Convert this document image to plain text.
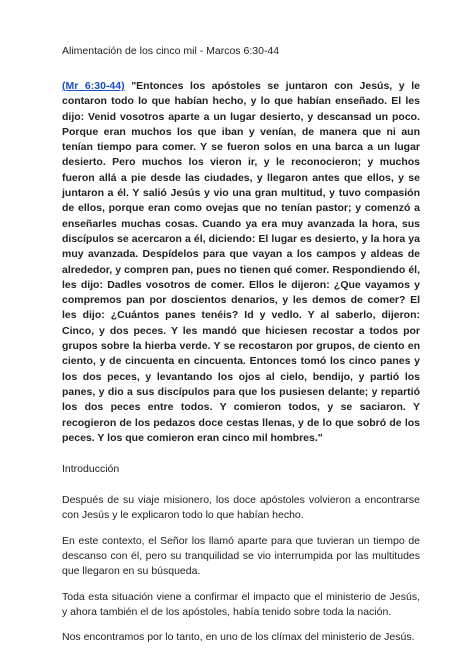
Alimentación de los cinco mil - Marcos 6:30-44

(Mr 6:30-44) "Entonces los apóstoles se juntaron con Jesús, y le contaron todo lo que habían hecho, y lo que habían enseñado. El les dijo: Venid vosotros aparte a un lugar desierto, y descansad un poco. Porque eran muchos los que iban y venían, de manera que ni aun tenían tiempo para comer. Y se fueron solos en una barca a un lugar desierto. Pero muchos los vieron ir, y le reconocieron; y muchos fueron allá a pie desde las ciudades, y llegaron antes que ellos, y se juntaron a él. Y salió Jesús y vio una gran multitud, y tuvo compasión de ellos, porque eran como ovejas que no tenían pastor; y comenzó a enseñarles muchas cosas. Cuando ya era muy avanzada la hora, sus discípulos se acercaron a él, diciendo: El lugar es desierto, y la hora ya muy avanzada. Despídelos para que vayan a los campos y aldeas de alrededor, y compren pan, pues no tienen qué comer. Respondiendo él, les dijo: Dadles vosotros de comer. Ellos le dijeron: ¿Que vayamos y compremos pan por doscientos denarios, y les demos de comer? El les dijo: ¿Cuántos panes tenéis? Id y vedlo. Y al saberlo, dijeron: Cinco, y dos peces. Y les mandó que hiciesen recostar a todos por grupos sobre la hierba verde. Y se recostaron por grupos, de ciento en ciento, y de cincuenta en cincuenta. Entonces tomó los cinco panes y los dos peces, y levantando los ojos al cielo, bendijo, y partió los panes, y dio a sus discípulos para que los pusiesen delante; y repartió los dos peces entre todos. Y comieron todos, y se saciaron. Y recogieron de los pedazos doce cestas llenas, y de lo que sobró de los peces. Y los que comieron eran cinco mil hombres."

Introducción

Después de su viaje misionero, los doce apóstoles volvieron a encontrarse con Jesús y le explicaron todo lo que habían hecho.

En este contexto, el Señor los llamó aparte para que tuvieran un tiempo de descanso con él, pero su tranquilidad se vio interrumpida por las multitudes que llegaron en su búsqueda.

Toda esta situación viene a confirmar el impacto que el ministerio de Jesús, y ahora también el de los apóstoles, había tenido sobre toda la nación.

Nos encontramos por lo tanto, en uno de los clímax del ministerio de Jesús.
